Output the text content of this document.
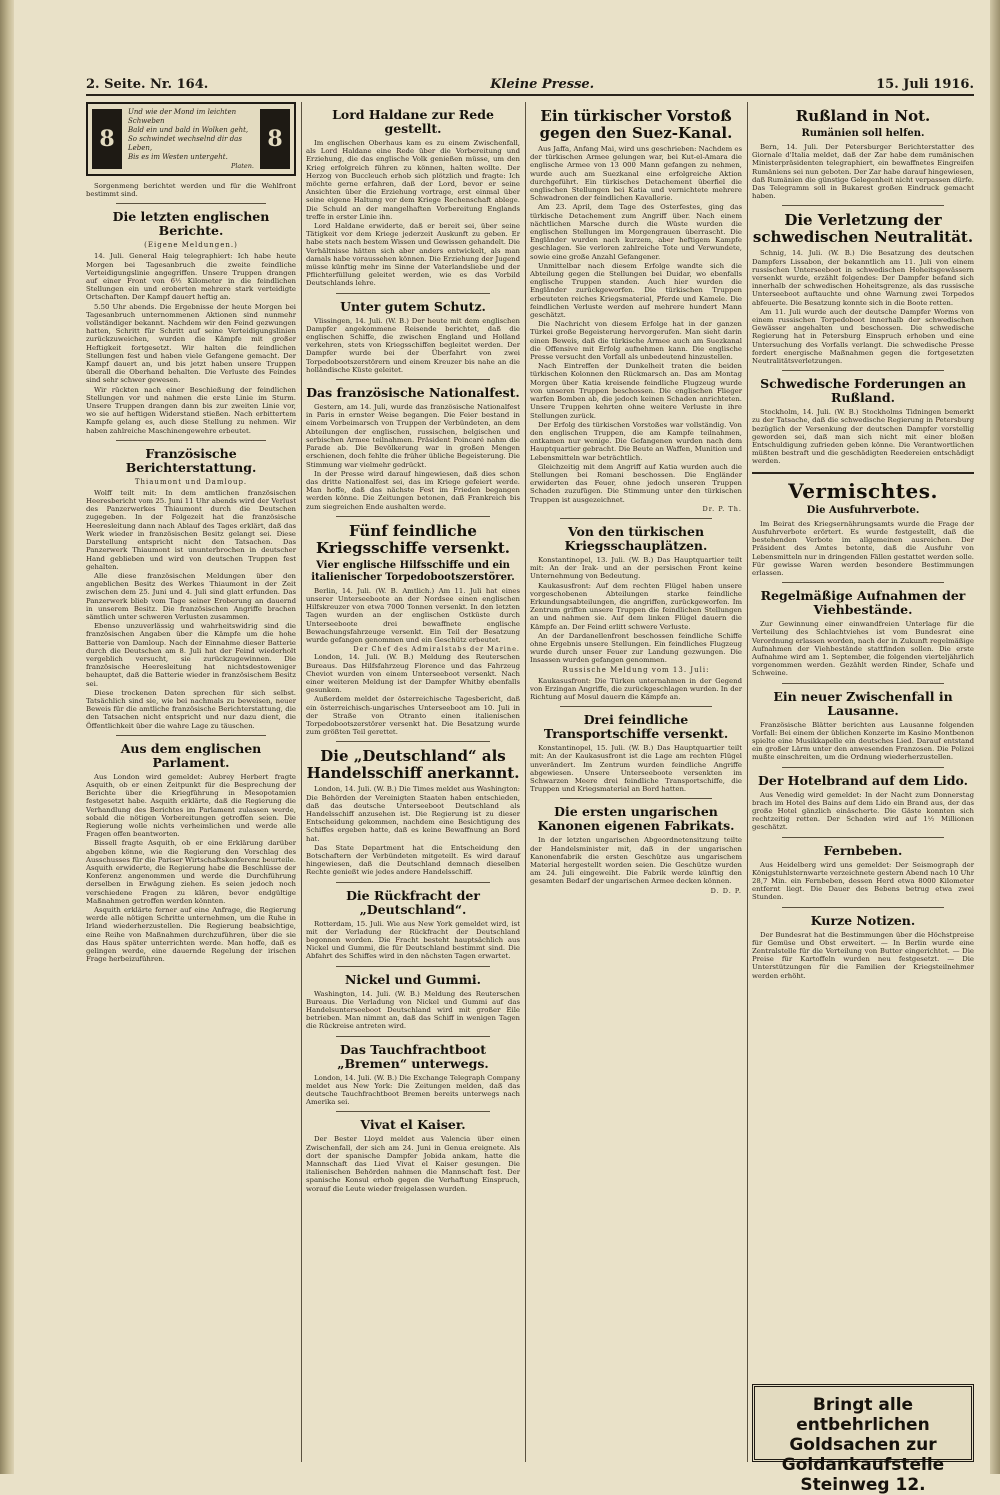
2. Seite. Nr. 164.	Kleine Presse.	15. Juli 1916.
8
Und wie der Mond im leichten Schweben
Bald ein und bald in Wolken geht,
So schwindet wechselnd dir das Leben,
Bis es im Westen untergeht.
Platen.
8

Sorgenmeng berichtet werden und für die Wehlfront bestimmt sind.

Die letzten englischen Berichte.
(Eigene Meldungen.)

14. Juli. General Haig telegraphiert: Ich habe heute Morgen bei Tagesanbruch die zweite feindliche Verteidigungslinie angegriffen. Unsere Truppen drangen auf einer Front von 6½ Kilometer in die feindlichen Stellungen ein und eroberten mehrere stark verteidigte Ortschaften. Der Kampf dauert heftig an.

5.50 Uhr abends. Die Ergebnisse der heute Morgen bei Tagesanbruch unternommenen Aktionen sind nunmehr vollständiger bekannt. Nachdem wir den Feind gezwungen hatten, Schritt für Schritt auf seine Verteidigungslinien zurückzuweichen, wurden die Kämpfe mit großer Heftigkeit fortgesetzt. Wir halten die feindlichen Stellungen fest und haben viele Gefangene gemacht. Der Kampf dauert an, und bis jetzt haben unsere Truppen überall die Oberhand behalten. Die Verluste des Feindes sind sehr schwer gewesen.

Wir rückten nach einer Beschießung der feindlichen Stellungen vor und nahmen die erste Linie im Sturm. Unsere Truppen drangen dann bis zur zweiten Linie vor, wo sie auf heftigen Widerstand stießen. Nach erbittertem Kampfe gelang es, auch diese Stellung zu nehmen. Wir haben zahlreiche Maschinengewehre erbeutet.

Französische Berichterstattung.
Thiaumont und Damloup.

Wolff teilt mit: In dem amtlichen französischen Heeresbericht vom 25. Juni 11 Uhr abends wird der Verlust des Panzerwerkes Thiaumont durch die Deutschen zugegeben. In der Folgezeit hat die französische Heeresleitung dann nach Ablauf des Tages erklärt, daß das Werk wieder in französischen Besitz gelangt sei. Diese Darstellung entspricht nicht den Tatsachen. Das Panzerwerk Thiaumont ist ununterbrochen in deutscher Hand geblieben und wird von deutschen Truppen fest gehalten.

Alle diese französischen Meldungen über den angeblichen Besitz des Werkes Thiaumont in der Zeit zwischen dem 25. Juni und 4. Juli sind glatt erfunden. Das Panzerwerk blieb vom Tage seiner Eroberung an dauernd in unserem Besitz. Die französischen Angriffe brachen sämtlich unter schweren Verlusten zusammen.

Ebenso unzuverlässig und wahrheitswidrig sind die französischen Angaben über die Kämpfe um die hohe Batterie von Damloup. Nach der Einnahme dieser Batterie durch die Deutschen am 8. Juli hat der Feind wiederholt vergeblich versucht, sie zurückzugewinnen. Die französische Heeresleitung hat nichtsdestoweniger behauptet, daß die Batterie wieder in französischem Besitz sei.

Diese trockenen Daten sprechen für sich selbst. Tatsächlich sind sie, wie bei nachmals zu beweisen, neuer Beweis für die amtliche französische Berichterstattung, die den Tatsachen nicht entspricht und nur dazu dient, die Öffentlichkeit über die wahre Lage zu täuschen.

Aus dem englischen Parlament.

Aus London wird gemeldet: Aubrey Herbert fragte Asquith, ob er einen Zeitpunkt für die Besprechung der Berichte über die Kriegführung in Mesopotamien festgesetzt habe. Asquith erklärte, daß die Regierung die Verhandlung des Berichtes im Parlament zulassen werde, sobald die nötigen Vorbereitungen getroffen seien. Die Regierung wolle nichts verheimlichen und werde alle Fragen offen beantworten.

Bissell fragte Asquith, ob er eine Erklärung darüber abgeben könne, wie die Regierung den Vorschlag des Ausschusses für die Pariser Wirtschaftskonferenz beurteile. Asquith erwiderte, die Regierung habe die Beschlüsse der Konferenz angenommen und werde die Durchführung derselben in Erwägung ziehen. Es seien jedoch noch verschiedene Fragen zu klären, bevor endgültige Maßnahmen getroffen werden könnten.

Asquith erklärte ferner auf eine Anfrage, die Regierung werde alle nötigen Schritte unternehmen, um die Ruhe in Irland wiederherzustellen. Die Regierung beabsichtige, eine Reihe von Maßnahmen durchzuführen, über die sie das Haus später unterrichten werde. Man hoffe, daß es gelingen werde, eine dauernde Regelung der irischen Frage herbeizuführen.

Lord Haldane zur Rede gestellt.

Im englischen Oberhaus kam es zu einem Zwischenfall, als Lord Haldane eine Rede über die Vorbereitung und Erziehung, die das englische Volk genießen müsse, um den Krieg erfolgreich führen zu können, halten wollte. Der Herzog von Buccleuch erhob sich plötzlich und fragte: Ich möchte gerne erfahren, daß der Lord, bevor er seine Ansichten über die Erziehung vortrage, erst einmal über seine eigene Haltung vor dem Kriege Rechenschaft ablege. Die Schuld an der mangelhaften Vorbereitung Englands treffe in erster Linie ihn.

Lord Haldane erwiderte, daß er bereit sei, über seine Tätigkeit vor dem Kriege jederzeit Auskunft zu geben. Er habe stets nach bestem Wissen und Gewissen gehandelt. Die Verhältnisse hätten sich aber anders entwickelt, als man damals habe voraussehen können. Die Erziehung der Jugend müsse künftig mehr im Sinne der Vaterlandsliebe und der Pflichterfüllung geleitet werden, wie es das Vorbild Deutschlands lehre.

Unter gutem Schutz.

Vlissingen, 14. Juli. (W. B.) Der heute mit dem englischen Dampfer angekommene Reisende berichtet, daß die englischen Schiffe, die zwischen England und Holland verkehren, stets von Kriegsschiffen begleitet werden. Der Dampfer wurde bei der Überfahrt von zwei Torpedobootszerstörern und einem Kreuzer bis nahe an die holländische Küste geleitet.

Das französische Nationalfest.

Gestern, am 14. Juli, wurde das französische Nationalfest in Paris in ernster Weise begangen. Die Feier bestand in einem Vorbeimarsch von Truppen der Verbündeten, an dem Abteilungen der englischen, russischen, belgischen und serbischen Armee teilnahmen. Präsident Poincaré nahm die Parade ab. Die Bevölkerung war in großen Mengen erschienen, doch fehlte die früher übliche Begeisterung. Die Stimmung war vielmehr gedrückt.

In der Presse wird darauf hingewiesen, daß dies schon das dritte Nationalfest sei, das im Kriege gefeiert werde. Man hoffe, daß das nächste Fest im Frieden begangen werden könne. Die Zeitungen betonen, daß Frankreich bis zum siegreichen Ende aushalten werde.

Fünf feindliche Kriegsschiffe versenkt.
Vier englische Hilfsschiffe und ein italienischer Torpedobootszerstörer.

Berlin, 14. Juli. (W. B. Amtlich.) Am 11. Juli hat eines unserer Unterseeboote an der Nordsee einen englischen Hilfskreuzer von etwa 7000 Tonnen versenkt. In den letzten Tagen wurden an der englischen Ostküste durch Unterseeboote drei bewaffnete englische Bewachungsfahrzeuge versenkt. Ein Teil der Besatzung wurde gefangen genommen und ein Geschütz erbeutet.

Der Chef des Admiralstabs der Marine.

London, 14. Juli. (W. B.) Meldung des Reuterschen Bureaus. Das Hilfsfahrzeug Florence und das Fahrzeug Cheviot wurden von einem Unterseeboot versenkt. Nach einer weiteren Meldung ist der Dampfer Whitby ebenfalls gesunken.

Außerdem meldet der österreichische Tagesbericht, daß ein österreichisch-ungarisches Unterseeboot am 10. Juli in der Straße von Otranto einen italienischen Torpedobootszerstörer versenkt hat. Die Besatzung wurde zum größten Teil gerettet.

Die „Deutschland“ als Handelsschiff anerkannt.

London, 14. Juli. (W. B.) Die Times meldet aus Washington: Die Behörden der Vereinigten Staaten haben entschieden, daß das deutsche Unterseeboot Deutschland als Handelsschiff anzusehen ist. Die Regierung ist zu dieser Entscheidung gekommen, nachdem eine Besichtigung des Schiffes ergeben hatte, daß es keine Bewaffnung an Bord hat.

Das State Department hat die Entscheidung den Botschaftern der Verbündeten mitgeteilt. Es wird darauf hingewiesen, daß die Deutschland demnach dieselben Rechte genießt wie jedes andere Handelsschiff.

Die Rückfracht der „Deutschland“.

Rotterdam, 15. Juli. Wie aus New York gemeldet wird, ist mit der Verladung der Rückfracht der Deutschland begonnen worden. Die Fracht besteht hauptsächlich aus Nickel und Gummi, die für Deutschland bestimmt sind. Die Abfahrt des Schiffes wird in den nächsten Tagen erwartet.

Nickel und Gummi.

Washington, 14. Juli. (W. B.) Meldung des Reuterschen Bureaus. Die Verladung von Nickel und Gummi auf das Handelsunterseeboot Deutschland wird mit großer Eile betrieben. Man nimmt an, daß das Schiff in wenigen Tagen die Rückreise antreten wird.

Das Tauchfrachtboot „Bremen“ unterwegs.

London, 14. Juli. (W. B.) Die Exchange Telegraph Company meldet aus New York: Die Zeitungen melden, daß das deutsche Tauchfrachtboot Bremen bereits unterwegs nach Amerika sei.

Vivat el Kaiser.

Der Bester Lloyd meldet aus Valencia über einen Zwischenfall, der sich am 24. Juni in Genua ereignete. Als dort der spanische Dampfer Jobida ankam, hatte die Mannschaft das Lied Vivat el Kaiser gesungen. Die italienischen Behörden nahmen die Mannschaft fest. Der spanische Konsul erhob gegen die Verhaftung Einspruch, worauf die Leute wieder freigelassen wurden.

Ein türkischer Vorstoß gegen den Suez-Kanal.

Aus Jaffa, Anfang Mai, wird uns geschrieben: Nachdem es der türkischen Armee gelungen war, bei Kut-el-Amara die englische Armee von 13 000 Mann gefangen zu nehmen, wurde auch am Suezkanal eine erfolgreiche Aktion durchgeführt. Ein türkisches Detachement überfiel die englischen Stellungen bei Katia und vernichtete mehrere Schwadronen der feindlichen Kavallerie.

Am 23. April, dem Tage des Osterfestes, ging das türkische Detachement zum Angriff über. Nach einem nächtlichen Marsche durch die Wüste wurden die englischen Stellungen im Morgengrauen überrascht. Die Engländer wurden nach kurzem, aber heftigem Kampfe geschlagen. Sie verloren zahlreiche Tote und Verwundete, sowie eine große Anzahl Gefangener.

Unmittelbar nach diesem Erfolge wandte sich die Abteilung gegen die Stellungen bei Duidar, wo ebenfalls englische Truppen standen. Auch hier wurden die Engländer zurückgeworfen. Die türkischen Truppen erbeuteten reiches Kriegsmaterial, Pferde und Kamele. Die feindlichen Verluste werden auf mehrere hundert Mann geschätzt.

Die Nachricht von diesem Erfolge hat in der ganzen Türkei große Begeisterung hervorgerufen. Man sieht darin einen Beweis, daß die türkische Armee auch am Suezkanal die Offensive mit Erfolg aufnehmen kann. Die englische Presse versucht den Vorfall als unbedeutend hinzustellen.

Nach Eintreffen der Dunkelheit traten die beiden türkischen Kolonnen den Rückmarsch an. Das am Montag Morgen über Katia kreisende feindliche Flugzeug wurde von unseren Truppen beschossen. Die englischen Flieger warfen Bomben ab, die jedoch keinen Schaden anrichteten. Unsere Truppen kehrten ohne weitere Verluste in ihre Stellungen zurück.

Der Erfolg des türkischen Vorstoßes war vollständig. Von den englischen Truppen, die am Kampfe teilnahmen, entkamen nur wenige. Die Gefangenen wurden nach dem Hauptquartier gebracht. Die Beute an Waffen, Munition und Lebensmitteln war beträchtlich.

Gleichzeitig mit dem Angriff auf Katia wurden auch die Stellungen bei Romani beschossen. Die Engländer erwiderten das Feuer, ohne jedoch unseren Truppen Schaden zuzufügen. Die Stimmung unter den türkischen Truppen ist ausgezeichnet.

Dr. P. Th.
Von den türkischen Kriegsschauplätzen.

Konstantinopel, 13. Juli. (W. B.) Das Hauptquartier teilt mit: An der Irak- und an der persischen Front keine Unternehmung von Bedeutung.

Kaukasusfront: Auf dem rechten Flügel haben unsere vorgeschobenen Abteilungen starke feindliche Erkundungsabteilungen, die angriffen, zurückgeworfen. Im Zentrum griffen unsere Truppen die feindlichen Stellungen an und nahmen sie. Auf dem linken Flügel dauern die Kämpfe an. Der Feind erlitt schwere Verluste.

An der Dardanellenfront beschossen feindliche Schiffe ohne Ergebnis unsere Stellungen. Ein feindliches Flugzeug wurde durch unser Feuer zur Landung gezwungen. Die Insassen wurden gefangen genommen.

Russische Meldung vom 13. Juli:

Kaukasusfront: Die Türken unternahmen in der Gegend von Erzingan Angriffe, die zurückgeschlagen wurden. In der Richtung auf Mosul dauern die Kämpfe an.

Drei feindliche Transportschiffe versenkt.

Konstantinopel, 15. Juli. (W. B.) Das Hauptquartier teilt mit: An der Kaukasusfront ist die Lage am rechten Flügel unverändert. Im Zentrum wurden feindliche Angriffe abgewiesen. Unsere Unterseeboote versenkten im Schwarzen Meere drei feindliche Transportschiffe, die Truppen und Kriegsmaterial an Bord hatten.

Die ersten ungarischen Kanonen eigenen Fabrikats.

In der letzten ungarischen Abgeordnetensitzung teilte der Handelsminister mit, daß in der ungarischen Kanonenfabrik die ersten Geschütze aus ungarischem Material hergestellt worden seien. Die Geschütze wurden am 24. Juli eingeweiht. Die Fabrik werde künftig den gesamten Bedarf der ungarischen Armee decken können.

D. D. P.
Rußland in Not.
Rumänien soll helfen.

Bern, 14. Juli. Der Petersburger Berichterstatter des Giornale d'Italia meldet, daß der Zar habe dem rumänischen Ministerpräsidenten telegraphiert, ein bewaffnetes Eingreifen Rumäniens sei nun geboten. Der Zar habe darauf hingewiesen, daß Rumänien die günstige Gelegenheit nicht verpassen dürfe. Das Telegramm soll in Bukarest großen Eindruck gemacht haben.

Die Verletzung der schwedischen Neutralität.

Schnig, 14. Juli. (W. B.) Die Besatzung des deutschen Dampfers Lissabon, der bekanntlich am 11. Juli von einem russischen Unterseeboot in schwedischen Hoheitsgewässern versenkt wurde, erzählt folgendes: Der Dampfer befand sich innerhalb der schwedischen Hoheitsgrenze, als das russische Unterseeboot auftauchte und ohne Warnung zwei Torpedos abfeuerte. Die Besatzung konnte sich in die Boote retten.

Am 11. Juli wurde auch der deutsche Dampfer Worms von einem russischen Torpedoboot innerhalb der schwedischen Gewässer angehalten und beschossen. Die schwedische Regierung hat in Petersburg Einspruch erhoben und eine Untersuchung des Vorfalls verlangt. Die schwedische Presse fordert energische Maßnahmen gegen die fortgesetzten Neutralitätsverletzungen.

Schwedische Forderungen an Rußland.

Stockholm, 14. Juli. (W. B.) Stockholms Tidningen bemerkt zu der Tatsache, daß die schwedische Regierung in Petersburg bezüglich der Versenkung der deutschen Dampfer vorstellig geworden sei, daß man sich nicht mit einer bloßen Entschuldigung zufrieden geben könne. Die Verantwortlichen müßten bestraft und die geschädigten Reedereien entschädigt werden.

Vermischtes.
Die Ausfuhrverbote.

Im Beirat des Kriegsernährungsamts wurde die Frage der Ausfuhrverbote erörtert. Es wurde festgestellt, daß die bestehenden Verbote im allgemeinen ausreichen. Der Präsident des Amtes betonte, daß die Ausfuhr von Lebensmitteln nur in dringenden Fällen gestattet werden solle. Für gewisse Waren werden besondere Bestimmungen erlassen.

Regelmäßige Aufnahmen der Viehbestände.

Zur Gewinnung einer einwandfreien Unterlage für die Verteilung des Schlachtviehes ist vom Bundesrat eine Verordnung erlassen worden, nach der in Zukunft regelmäßige Aufnahmen der Viehbestände stattfinden sollen. Die erste Aufnahme wird am 1. September, die folgenden vierteljährlich vorgenommen werden. Gezählt werden Rinder, Schafe und Schweine.

Ein neuer Zwischenfall in Lausanne.

Französische Blätter berichten aus Lausanne folgenden Vorfall: Bei einem der üblichen Konzerte im Kasino Montbenon spielte eine Musikkapelle ein deutsches Lied. Darauf entstand ein großer Lärm unter den anwesenden Franzosen. Die Polizei mußte einschreiten, um die Ordnung wiederherzustellen.

Der Hotelbrand auf dem Lido.

Aus Venedig wird gemeldet: In der Nacht zum Donnerstag brach im Hotel des Bains auf dem Lido ein Brand aus, der das große Hotel gänzlich einäscherte. Die Gäste konnten sich rechtzeitig retten. Der Schaden wird auf 1½ Millionen geschätzt.

Fernbeben.

Aus Heidelberg wird uns gemeldet: Der Seismograph der Königstuhlsternwarte verzeichnete gestern Abend nach 10 Uhr 28,7 Min. ein Fernbeben, dessen Herd etwa 8000 Kilometer entfernt liegt. Die Dauer des Bebens betrug etwa zwei Stunden.

Kurze Notizen.

Der Bundesrat hat die Bestimmungen über die Höchstpreise für Gemüse und Obst erweitert. — In Berlin wurde eine Zentralstelle für die Verteilung von Butter eingerichtet. — Die Preise für Kartoffeln wurden neu festgesetzt. — Die Unterstützungen für die Familien der Kriegsteilnehmer werden erhöht.

Bringt alle entbehrlichen Goldsachen zur Goldankaufstelle Steinweg 12.
